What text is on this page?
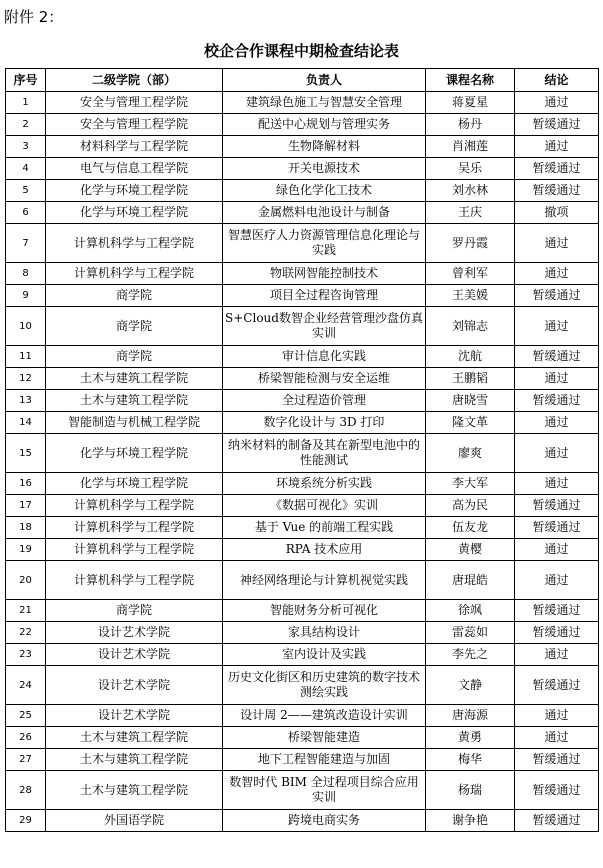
附件 2：
校企合作课程中期检查结论表
序号	二级学院（部）	负责人	课程名称	结论
1	安全与管理工程学院	建筑绿色施工与智慧安全管理	蒋夏星	通过
2	安全与管理工程学院	配送中心规划与管理实务	杨丹	暂缓通过
3	材料科学与工程学院	生物降解材料	肖湘莲	通过
4	电气与信息工程学院	开关电源技术	吴乐	暂缓通过
5	化学与环境工程学院	绿色化学化工技术	刘水林	暂缓通过
6	化学与环境工程学院	金属燃料电池设计与制备	王庆	撤项
7	计算机科学与工程学院	智慧医疗人力资源管理信息化理论与实践	罗丹霞	通过
8	计算机科学与工程学院	物联网智能控制技术	曾利军	通过
9	商学院	项目全过程咨询管理	王美媛	暂缓通过
10	商学院	S+Cloud数智企业经营管理沙盘仿真实训	刘锦志	通过
11	商学院	审计信息化实践	沈航	暂缓通过
12	土木与建筑工程学院	桥梁智能检测与安全运维	王鹏韬	通过
13	土木与建筑工程学院	全过程造价管理	唐晓雪	暂缓通过
14	智能制造与机械工程学院	数字化设计与 3D 打印	隆文革	通过
15	化学与环境工程学院	纳米材料的制备及其在新型电池中的性能测试	廖爽	通过
16	化学与环境工程学院	环境系统分析实践	李大军	通过
17	计算机科学与工程学院	《数据可视化》实训	高为民	暂缓通过
18	计算机科学与工程学院	基于 Vue 的前端工程实践	伍友龙	暂缓通过
19	计算机科学与工程学院	RPA 技术应用	黄樱	通过
20	计算机科学与工程学院	神经网络理论与计算机视觉实践	唐琨皓	通过
21	商学院	智能财务分析可视化	徐飒	暂缓通过
22	设计艺术学院	家具结构设计	雷蕊如	暂缓通过
23	设计艺术学院	室内设计及实践	李先之	通过
24	设计艺术学院	历史文化街区和历史建筑的数字技术测绘实践	文静	暂缓通过
25	设计艺术学院	设计周 2——建筑改造设计实训	唐海源	通过
26	土木与建筑工程学院	桥梁智能建造	黄勇	通过
27	土木与建筑工程学院	地下工程智能建造与加固	梅华	暂缓通过
28	土木与建筑工程学院	数智时代 BIM 全过程项目综合应用实训	杨瑞	暂缓通过
29	外国语学院	跨境电商实务	谢争艳	暂缓通过
